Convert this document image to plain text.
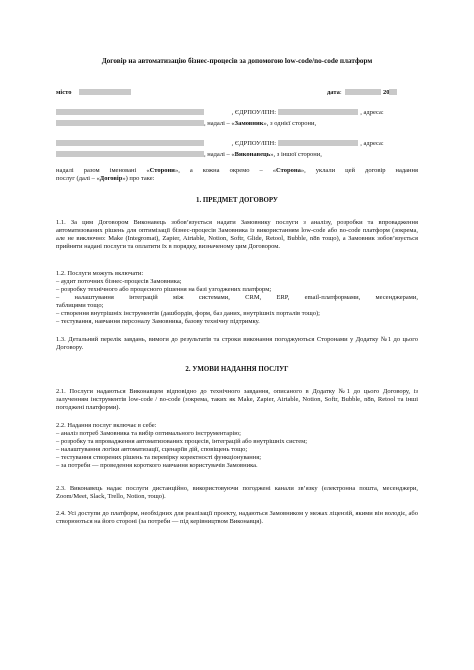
Договір на автоматизацію бізнес-процесів за допомогою low-code/no-code платформ
місто	дата:	20
, ЄДРПОУ/ІПН:	, адреса:
, надалі – «Замовник», з однієї сторони,
, ЄДРПОУ/ІПН:	, адреса:
, надалі – «Виконавець», з іншої сторони,
надалі разом іменовані «Сторони», а кожна окремо – «Сторона», уклали цей договір надання
послуг (далі – «Договір») про таке:
1. ПРЕДМЕТ ДОГОВОРУ
1.1. За цим Договором Виконавець зобов’язується надати Замовнику послуги з аналізу, розробки та впровадження автоматизованих рішень для оптимізації бізнес-процесів Замовника із використанням low-code або no-code платформ (зокрема, але не виключно: Make (Integromat), Zapier, Airtable, Notion, Softr, Glide, Retool, Bubble, n8n тощо), а Замовник зобов’язується прийняти надані послуги та оплатити їх в порядку, визначеному цим Договором.
1.2. Послуги можуть включати:
– аудит поточних бізнес-процесів Замовника;
– розробку технічного або процесного рішення на базі узгоджених платформ;
– налаштування інтеграцій між системами, CRM, ERP, email-платформами, месенджерами,
таблицями тощо;
– створення внутрішніх інструментів (дашбордів, форм, баз даних, внутрішніх порталів тощо);
– тестування, навчання персоналу Замовника, базову технічну підтримку.
1.3. Детальний перелік завдань, вимоги до результатів та строки виконання погоджуються Сторонами у Додатку №1 до цього Договору.
2. УМОВИ НАДАННЯ ПОСЛУГ
2.1. Послуги надаються Виконавцем відповідно до технічного завдання, описаного в Додатку №1 до цього Договору, із залученням інструментів low-code / no-code (зокрема, таких як Make, Zapier, Airtable, Notion, Softr, Bubble, n8n, Retool та інші погоджені платформи).
2.2. Надання послуг включає в себе:
– аналіз потреб Замовника та вибір оптимального інструментарію;
– розробку та впровадження автоматизованих процесів, інтеграцій або внутрішніх систем;
– налаштування логіки автоматизації, сценаріїв дій, сповіщень тощо;
– тестування створених рішень та перевірку коректності функціонування;
– за потреби — проведення короткого навчання користувачів Замовника.
2.3. Виконавець надає послуги дистанційно, використовуючи погоджені канали зв’язку (електронна пошта, месенджери, Zoom/Meet, Slack, Trello, Notion, тощо).
2.4. Усі доступи до платформ, необхідних для реалізації проекту, надаються Замовником у межах ліцензій, якими він володіє, або створюються на його стороні (за потреби — під керівництвом Виконавця).
